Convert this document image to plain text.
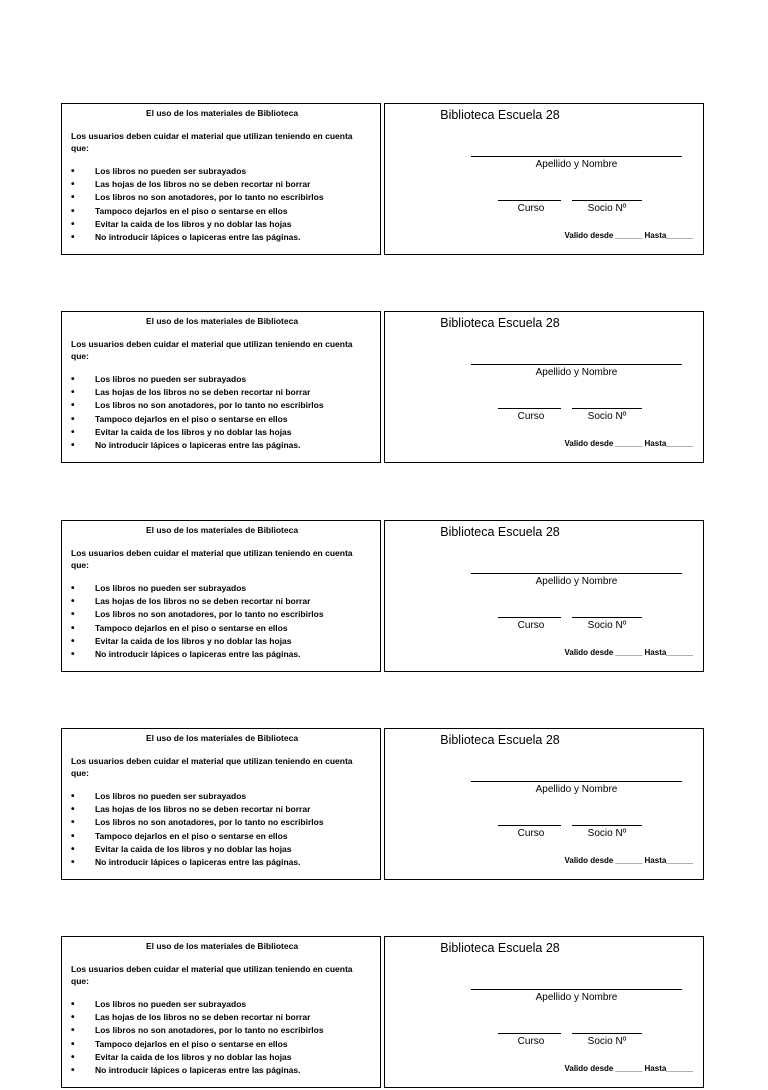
El uso de los materiales de Biblioteca
Los usuarios deben cuidar el material que utilizan teniendo en cuenta que:
• Los libros no pueden ser subrayados
• Las hojas de los libros no se deben recortar ni borrar
• Los libros no son anotadores, por lo tanto no escribirlos
• Tampoco dejarlos en el piso o sentarse en ellos
• Evitar la caida de los libros y no doblar las hojas
• No introducir lápices o lapiceras entre las páginas.
Biblioteca Escuela 28
Apellido y Nombre
Curso	Socio Nº
Valido desde ______ Hasta______
El uso de los materiales de Biblioteca
Los usuarios deben cuidar el material que utilizan teniendo en cuenta que:
• Los libros no pueden ser subrayados
• Las hojas de los libros no se deben recortar ni borrar
• Los libros no son anotadores, por lo tanto no escribirlos
• Tampoco dejarlos en el piso o sentarse en ellos
• Evitar la caida de los libros y no doblar las hojas
• No introducir lápices o lapiceras entre las páginas.
Biblioteca Escuela 28
Apellido y Nombre
Curso	Socio Nº
Valido desde ______ Hasta______
El uso de los materiales de Biblioteca
Los usuarios deben cuidar el material que utilizan teniendo en cuenta que:
• Los libros no pueden ser subrayados
• Las hojas de los libros no se deben recortar ni borrar
• Los libros no son anotadores, por lo tanto no escribirlos
• Tampoco dejarlos en el piso o sentarse en ellos
• Evitar la caida de los libros y no doblar las hojas
• No introducir lápices o lapiceras entre las páginas.
Biblioteca Escuela 28
Apellido y Nombre
Curso	Socio Nº
Valido desde ______ Hasta______
El uso de los materiales de Biblioteca
Los usuarios deben cuidar el material que utilizan teniendo en cuenta que:
• Los libros no pueden ser subrayados
• Las hojas de los libros no se deben recortar ni borrar
• Los libros no son anotadores, por lo tanto no escribirlos
• Tampoco dejarlos en el piso o sentarse en ellos
• Evitar la caida de los libros y no doblar las hojas
• No introducir lápices o lapiceras entre las páginas.
Biblioteca Escuela 28
Apellido y Nombre
Curso	Socio Nº
Valido desde ______ Hasta______
El uso de los materiales de Biblioteca
Los usuarios deben cuidar el material que utilizan teniendo en cuenta que:
• Los libros no pueden ser subrayados
• Las hojas de los libros no se deben recortar ni borrar
• Los libros no son anotadores, por lo tanto no escribirlos
• Tampoco dejarlos en el piso o sentarse en ellos
• Evitar la caida de los libros y no doblar las hojas
• No introducir lápices o lapiceras entre las páginas.
Biblioteca Escuela 28
Apellido y Nombre
Curso	Socio Nº
Valido desde ______ Hasta______
